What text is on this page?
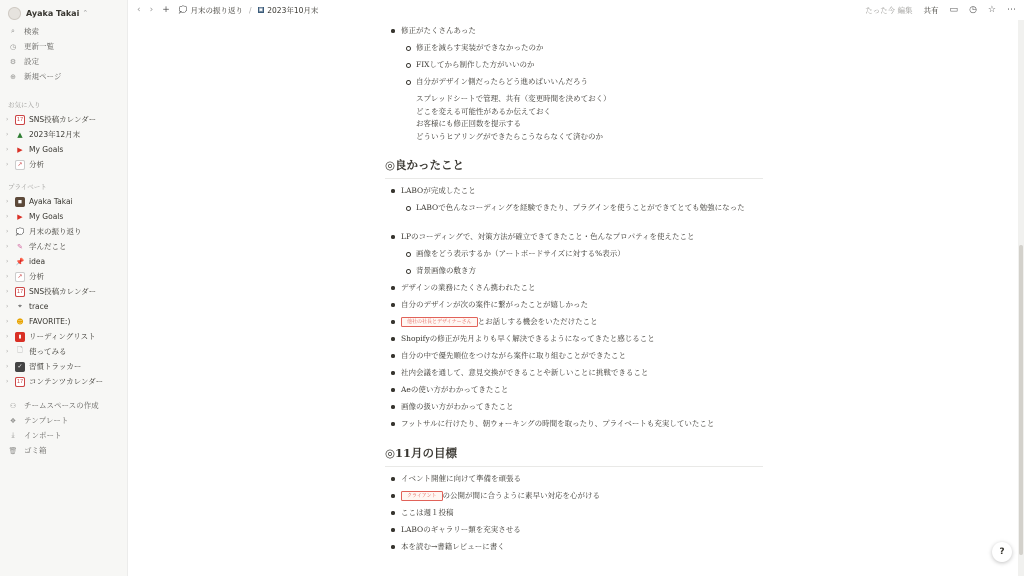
Ayaka Takai ⌃
⌕	検索
◷ 更新一覧
⚙ 設定
⊕ 新規ページ
お気に入り
›	17 SNS投稿カレンダー
›	▲ 2023年12月末
›	▶ My Goals
›	↗ 分析
プライベート
›	◼ Ayaka Takai
›	▶ My Goals
›	💭 月末の振り返り
›	✎ 学んだこと
›	📌 idea
›	↗ 分析
›	17 SNS投稿カレンダー
›	⌖ trace
›	☻ FAVORITE:)
›	▮	リーディングリスト
›	🗋 使ってみる
›	✓ 習慣トラッカー
›	17 コンテンツカレンダー
⚇ チームスペースの作成
❖ テンプレート
⤓	インポート
🗑 ゴミ箱
‹ › + 💭 月末の振り返り / ▣ 2023年10月末	たった今 編集 共有 ▭ ◷ ☆ ⋯
修正がたくさんあった
修正を減らす実装ができなかったのか
FIXしてから制作した方がいいのか
自分がデザイン側だったらどう進めばいいんだろう
スプレッドシートで管理、共有（変更時間を決めておく）
どこを変える可能性があるか伝えておく
お客様にも修正回数を提示する
どういうヒアリングができたらこうならなくて済むのか
◎良かったこと
LABOが完成したこと
LABOで色んなコーディングを経験できたり、プラグインを使うことができてとても勉強になった
LPのコーディングで、対策方法が確立できてきたこと・色んなプロパティを使えたこと
画像をどう表示するか（アートボードサイズに対する%表示）
背景画像の敷き方
デザインの業務にたくさん携われたこと
自分のデザインが次の案件に繋がったことが嬉しかった
他社の社長とデザイナーさん とお話しする機会をいただけたこと
Shopifyの修正が先月よりも早く解決できるようになってきたと感じること
自分の中で優先順位をつけながら案件に取り組むことができたこと
社内会議を通して、意見交換ができることや新しいことに挑戦できること
Aeの使い方がわかってきたこと
画像の扱い方がわかってきたこと
フットサルに行けたり、朝ウォーキングの時間を取ったり、プライベートも充実していたこと
◎11月の目標
イベント開催に向けて準備を頑張る
クライアント の公開が間に合うように素早い対応を心がける
ここは週１投稿
LABOのギャラリー類を充実させる
本を読む→書籍レビューに書く
?
